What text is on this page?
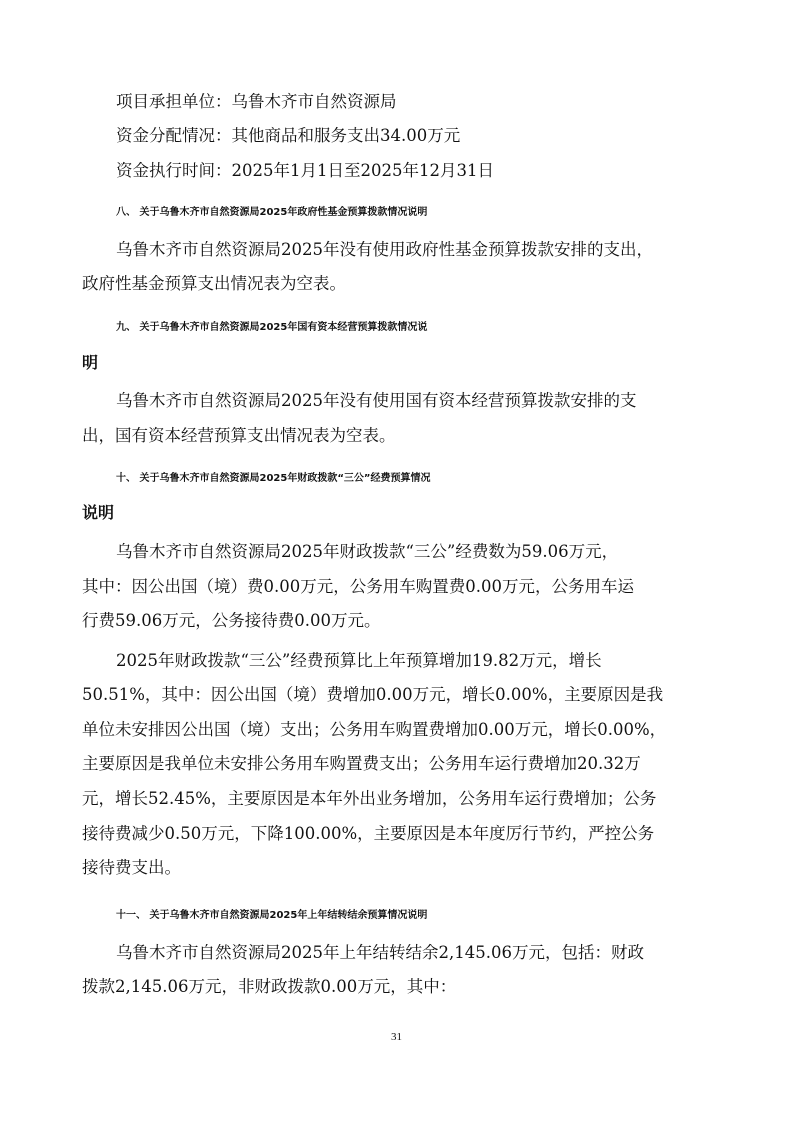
项目承担单位：乌鲁木齐市自然资源局
资金分配情况：其他商品和服务支出34.00万元
资金执行时间：2025年1月1日至2025年12月31日
八、 关于乌鲁木齐市自然资源局2025年政府性基金预算拨款情况说明
乌鲁木齐市自然资源局2025年没有使用政府性基金预算拨款安排的支出，
政府性基金预算支出情况表为空表。
九、 关于乌鲁木齐市自然资源局2025年国有资本经营预算拨款情况说
明
乌鲁木齐市自然资源局2025年没有使用国有资本经营预算拨款安排的支
出，国有资本经营预算支出情况表为空表。
十、 关于乌鲁木齐市自然资源局2025年财政拨款“三公”经费预算情况
说明
乌鲁木齐市自然资源局2025年财政拨款“三公”经费数为59.06万元，
其中：因公出国（境）费0.00万元，公务用车购置费0.00万元，公务用车运
行费59.06万元，公务接待费0.00万元。
2025年财政拨款“三公”经费预算比上年预算增加19.82万元，增长
50.51%，其中：因公出国（境）费增加0.00万元，增长0.00%，主要原因是我
单位未安排因公出国（境）支出；公务用车购置费增加0.00万元，增长0.00%，
主要原因是我单位未安排公务用车购置费支出；公务用车运行费增加20.32万
元，增长52.45%，主要原因是本年外出业务增加，公务用车运行费增加；公务
接待费减少0.50万元，下降100.00%，主要原因是本年度厉行节约，严控公务
接待费支出。
十一、 关于乌鲁木齐市自然资源局2025年上年结转结余预算情况说明
乌鲁木齐市自然资源局2025年上年结转结余2,145.06万元，包括：财政
拨款2,145.06万元，非财政拨款0.00万元，其中：
31
